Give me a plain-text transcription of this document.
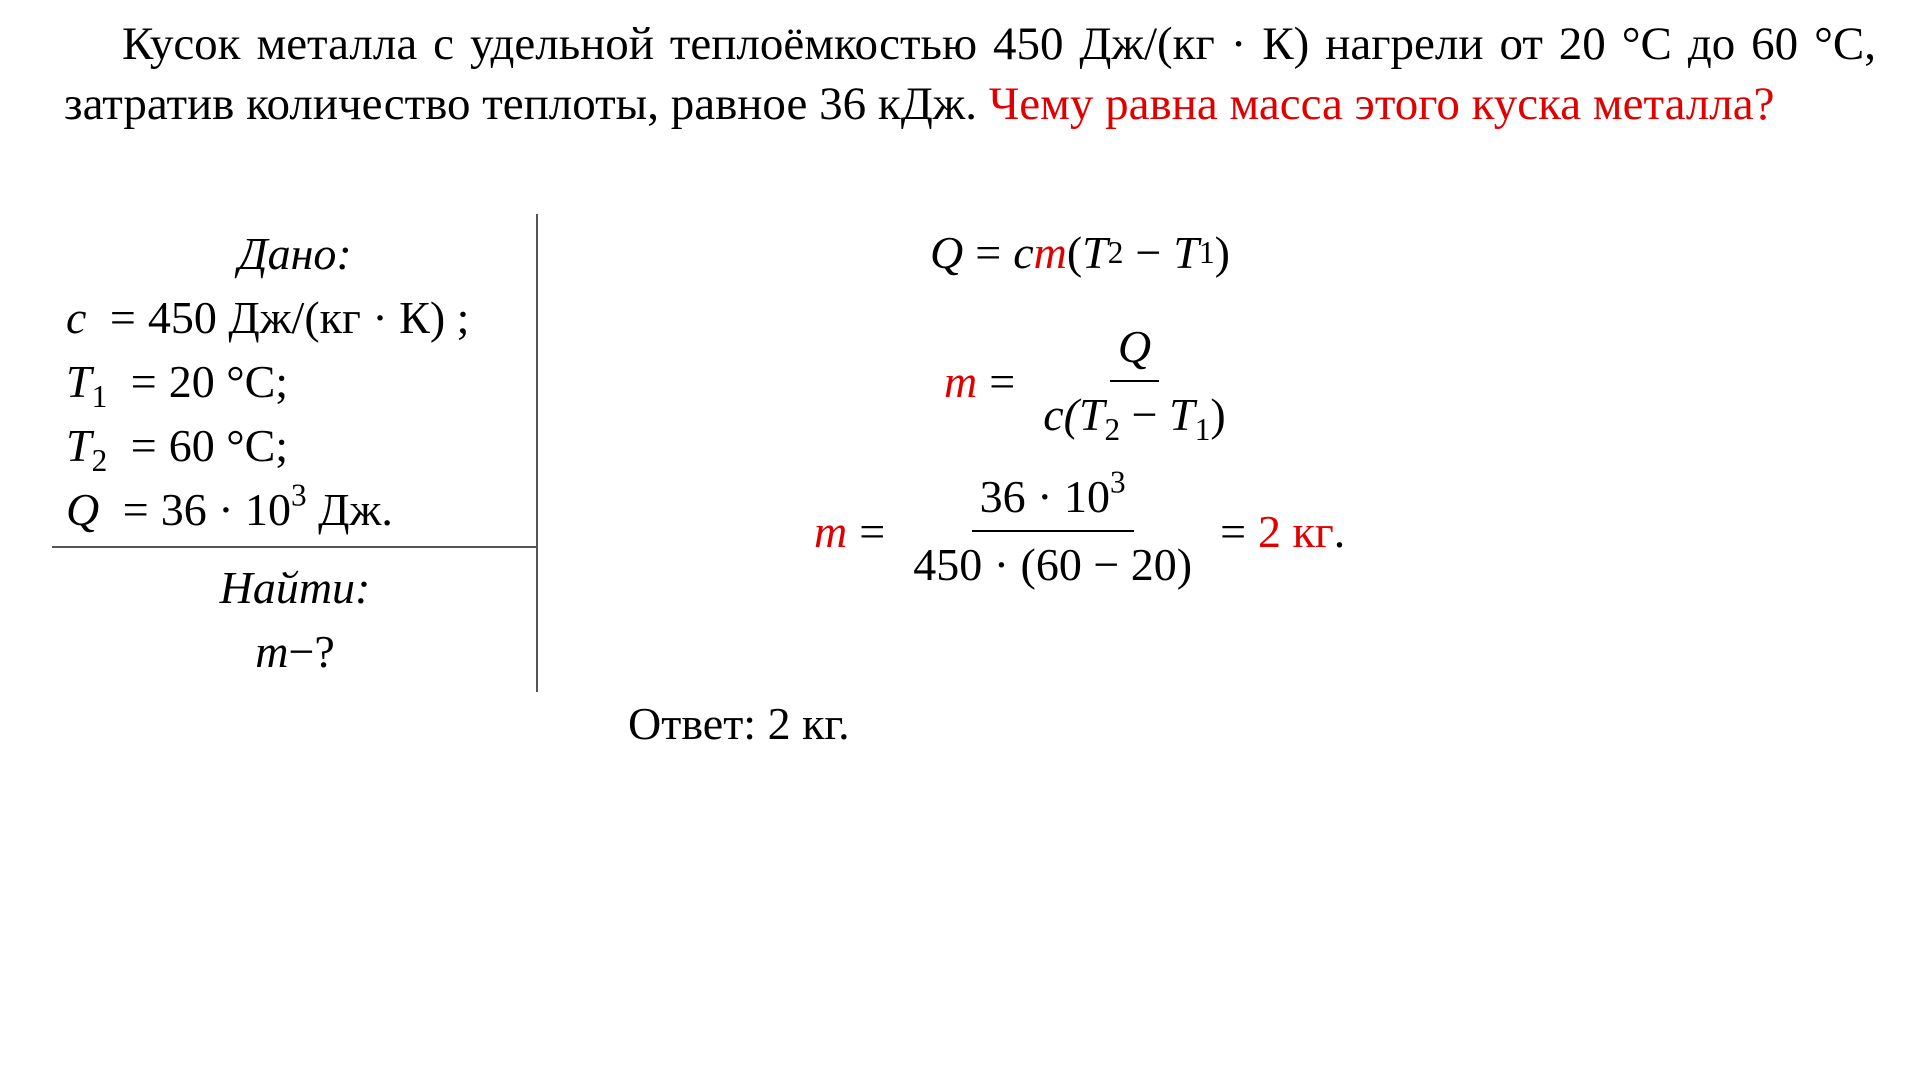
Кусок металла с удельной теплоёмкостью 450 Дж/(кг · К) нагрели от 20 °C до 60 °C, затратив количество теплоты, равное 36 кДж. Чему равна масса этого куска металла?
Дано:
c = 450 Дж/(кг · К) ;
$T_1 = 20$ °C;
$T_2 = 60$ °C;
$Q = 36 \cdot 10^3$ Дж.
Найти:
m−?
Q = c m ( T 2 − T 1 )
$m = \frac{Q}{c(T_2 - T_1)}$
$m = \frac{36 \cdot 10^3}{450 \cdot (60 - 20)} = 2$ кг .
Ответ: 2 кг.
